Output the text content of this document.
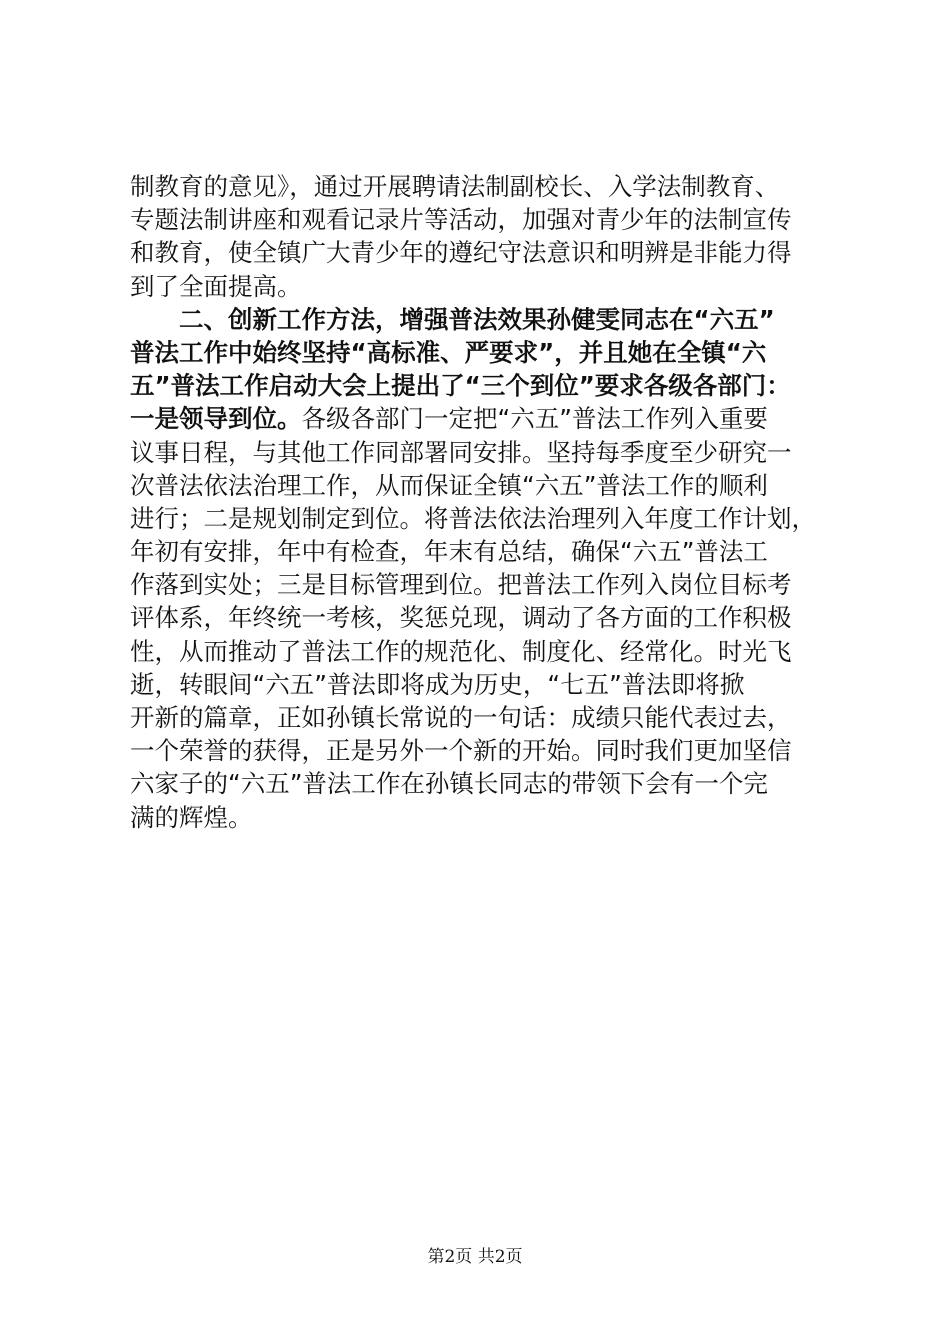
制教育的意见》，通过开展聘请法制副校长、入学法制教育、
专题法制讲座和观看记录片等活动，加强对青少年的法制宣传
和教育，使全镇广大青少年的遵纪守法意识和明辨是非能力得
到了全面提高。
二、创新工作方法，增强普法效果孙健雯同志在“六五”
普法工作中始终坚持“高标准、严要求”，并且她在全镇“六
五”普法工作启动大会上提出了“三个到位”要求各级各部门：
一是领导到位。各级各部门一定把“六五”普法工作列入重要
议事日程，与其他工作同部署同安排。坚持每季度至少研究一
次普法依法治理工作，从而保证全镇“六五”普法工作的顺利
进行；二是规划制定到位。将普法依法治理列入年度工作计划，
年初有安排，年中有检查，年末有总结，确保“六五”普法工
作落到实处；三是目标管理到位。把普法工作列入岗位目标考
评体系，年终统一考核，奖惩兑现，调动了各方面的工作积极
性，从而推动了普法工作的规范化、制度化、经常化。时光飞
逝，转眼间“六五”普法即将成为历史，“七五”普法即将掀
开新的篇章，正如孙镇长常说的一句话：成绩只能代表过去，
一个荣誉的获得，正是另外一个新的开始。同时我们更加坚信
六家子的“六五”普法工作在孙镇长同志的带领下会有一个完
满的辉煌。
第2页 共2页
